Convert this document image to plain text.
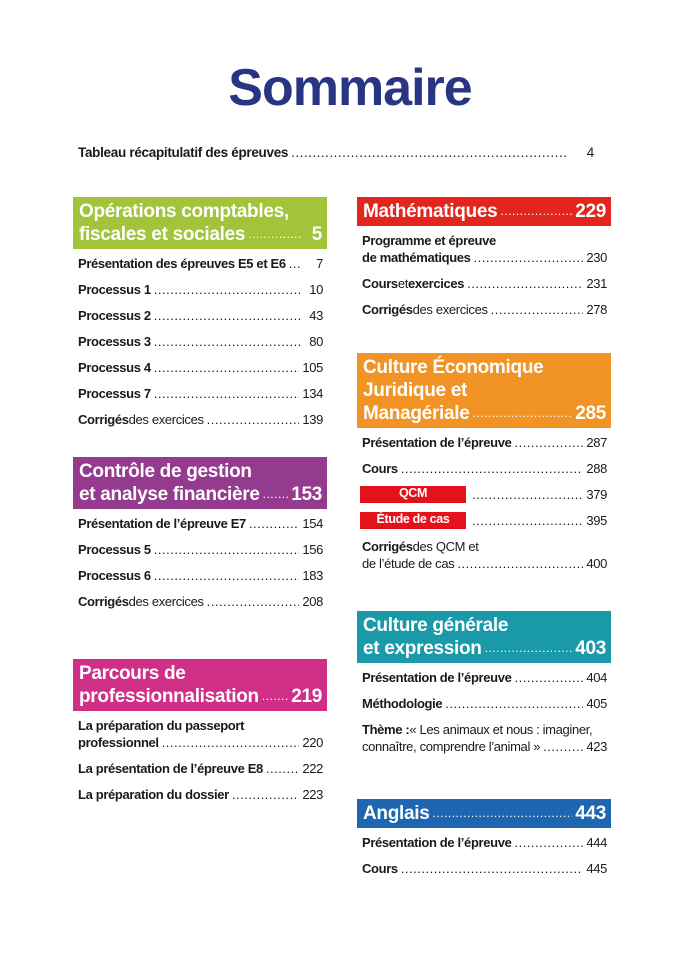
Sommaire
Tableau récapitulatif des épreuves .....	4
Opérations comptables,
fiscales et sociales .....	5
Présentation des épreuves E5 et E6 .....	7
Processus 1 .....	10
Processus 2 .....	43
Processus 3 .....	80
Processus 4 .....	105
Processus 7 .....	134
Corrigés des exercices .....	139
Contrôle de gestion
et analyse financière ..... 153
Présentation de l’épreuve E7 .....	154
Processus 5 .....	156
Processus 6 .....	183
Corrigés des exercices .....	208
Parcours de
professionnalisation ..... 219
La préparation du passeport
professionnel .....	220
La présentation de l’épreuve E8 .....	222
La préparation du dossier .....	223
Mathématiques .....	229
Programme et épreuve
de mathématiques .....	230
Cours et exercices .....	231
Corrigés des exercices .....	278
Culture Économique
Juridique et
Managériale .....	285
Présentation de l’épreuve .....	287
Cours .....	288
QCM .....	379
Étude de cas .....	395
Corrigés des QCM et
de l’étude de cas .....	400
Culture générale
et expression .....	403
Présentation de l’épreuve .....	404
Méthodologie .....	405
Thème : « Les animaux et nous : imaginer,
connaître, comprendre l’animal » .....	423
Anglais .....	443
Présentation de l’épreuve .....	444
Cours .....	445
